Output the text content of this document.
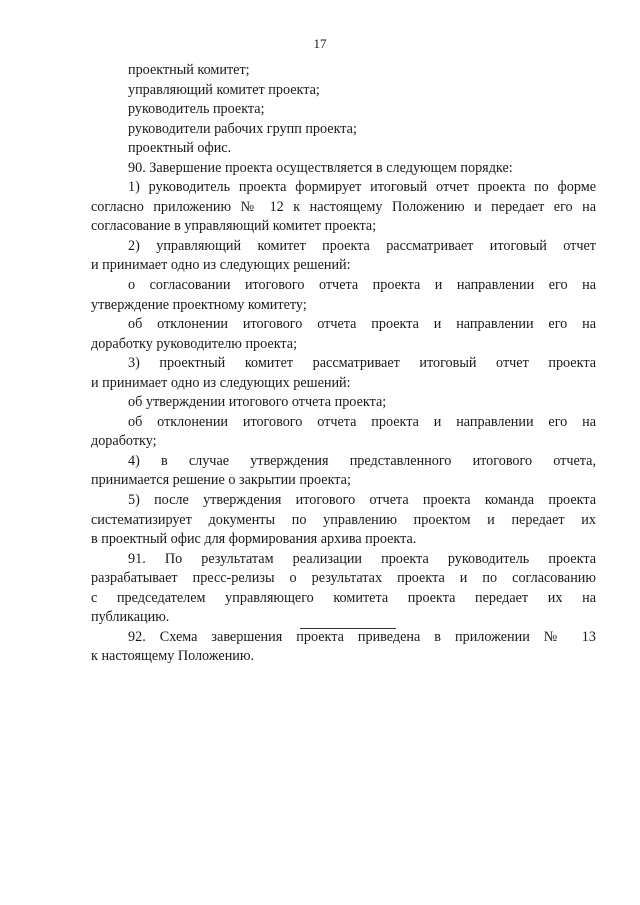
17
проектный комитет;
управляющий комитет проекта;
руководитель проекта;
руководители рабочих групп проекта;
проектный офис.
90. Завершение проекта осуществляется в следующем порядке:
1) руководитель проекта формирует итоговый отчет проекта по форме
согласно приложению № 12 к настоящему Положению и передает его на
согласование в управляющий комитет проекта;
2) управляющий комитет проекта рассматривает итоговый отчет
и принимает одно из следующих решений:
о согласовании итогового отчета проекта и направлении его на
утверждение проектному комитету;
об отклонении итогового отчета проекта и направлении его на
доработку руководителю проекта;
3) проектный комитет рассматривает итоговый отчет проекта
и принимает одно из следующих решений:
об утверждении итогового отчета проекта;
об отклонении итогового отчета проекта и направлении его на
доработку;
4) в случае утверждения представленного итогового отчета,
принимается решение о закрытии проекта;
5) после утверждения итогового отчета проекта команда проекта
систематизирует документы по управлению проектом и передает их
в проектный офис для формирования архива проекта.
91. По результатам реализации проекта руководитель проекта
разрабатывает пресс-релизы о результатах проекта и по согласованию
с председателем управляющего комитета проекта передает их на
публикацию.
92. Схема завершения проекта приведена в приложении № 13
к настоящему Положению.
